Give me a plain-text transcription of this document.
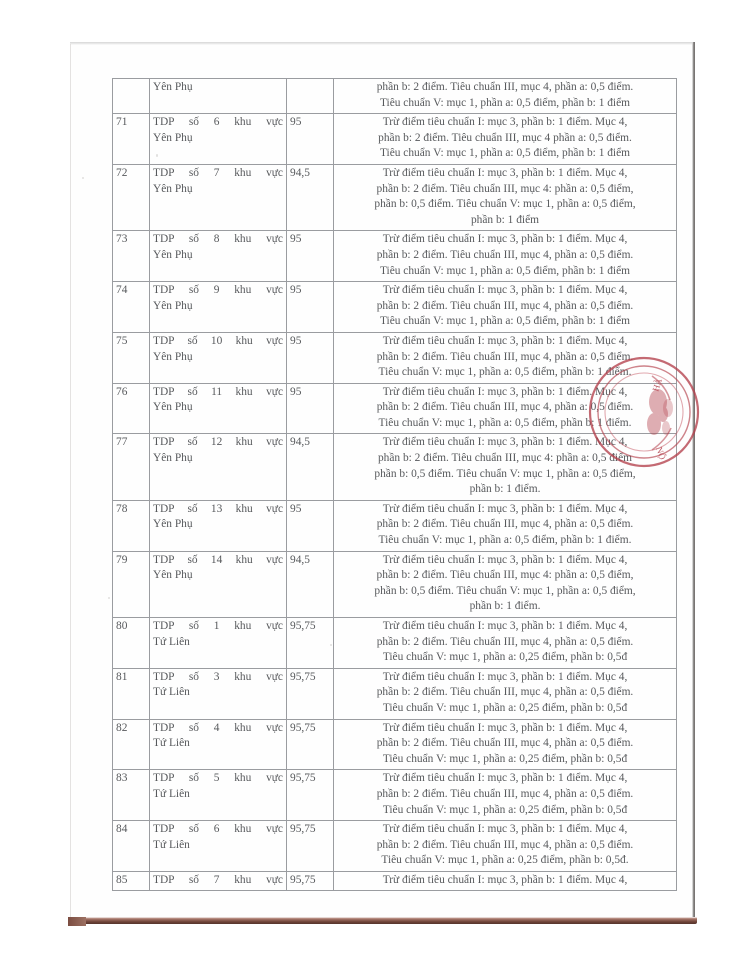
	Yên Phụ		phần b: 2 điểm. Tiêu chuẩn III, mục 4, phần a: 0,5 điểm.
Tiêu chuẩn V: mục 1, phần a: 0,5 điểm, phần b: 1 điểm

71	TDP số 6 khu vực
Yên Phụ	95	Trừ điểm tiêu chuẩn I: mục 3, phần b: 1 điểm. Mục 4,
phần b: 2 điểm. Tiêu chuẩn III, mục 4 phần a: 0,5 điểm.
Tiêu chuẩn V: mục 1, phần a: 0,5 điểm, phần b: 1 điểm

72	TDP số 7 khu vực
Yên Phụ	94,5	Trừ điểm tiêu chuẩn I: mục 3, phần b: 1 điểm. Mục 4,
phần b: 2 điểm. Tiêu chuẩn III, mục 4: phần a: 0,5 điểm,
phần b: 0,5 điểm. Tiêu chuẩn V: mục 1, phần a: 0,5 điểm,
phần b: 1 điểm

73	TDP số 8 khu vực
Yên Phụ	95	Trừ điểm tiêu chuẩn I: mục 3, phần b: 1 điểm. Mục 4,
phần b: 2 điểm. Tiêu chuẩn III, mục 4, phần a: 0,5 điểm.
Tiêu chuẩn V: mục 1, phần a: 0,5 điểm, phần b: 1 điểm

74	TDP số 9 khu vực
Yên Phụ	95	Trừ điểm tiêu chuẩn I: mục 3, phần b: 1 điểm. Mục 4,
phần b: 2 điểm. Tiêu chuẩn III, mục 4, phần a: 0,5 điểm.
Tiêu chuẩn V: mục 1, phần a: 0,5 điểm, phần b: 1 điểm

75	TDP số 10 khu vực
Yên Phụ	95	Trừ điểm tiêu chuẩn I: mục 3, phần b: 1 điểm. Mục 4,
phần b: 2 điểm. Tiêu chuẩn III, mục 4, phần a: 0,5 điểm.
Tiêu chuẩn V: mục 1, phần a: 0,5 điểm, phần b: 1 điểm.

76	TDP số 11 khu vực
Yên Phụ	95	Trừ điểm tiêu chuẩn I: mục 3, phần b: 1 điểm. Mục 4,
phần b: 2 điểm. Tiêu chuẩn III, mục 4, phần a: 0,5 điểm.
Tiêu chuẩn V: mục 1, phần a: 0,5 điểm, phần b: 1 điểm.

77	TDP số 12 khu vực
Yên Phụ	94,5	Trừ điểm tiêu chuẩn I: mục 3, phần b: 1 điểm. Mục 4,
phần b: 2 điểm. Tiêu chuẩn III, mục 4: phần a: 0,5 điểm
phần b: 0,5 điểm. Tiêu chuẩn V: mục 1, phần a: 0,5 điểm,
phần b: 1 điểm.

78	TDP số 13 khu vực
Yên Phụ	95	Trừ điểm tiêu chuẩn I: mục 3, phần b: 1 điểm. Mục 4,
phần b: 2 điểm. Tiêu chuẩn III, mục 4, phần a: 0,5 điểm.
Tiêu chuẩn V: mục 1, phần a: 0,5 điểm, phần b: 1 điểm.

79	TDP số 14 khu vực
Yên Phụ	94,5	Trừ điểm tiêu chuẩn I: mục 3, phần b: 1 điểm. Mục 4,
phần b: 2 điểm. Tiêu chuẩn III, mục 4: phần a: 0,5 điểm,
phần b: 0,5 điểm. Tiêu chuẩn V: mục 1, phần a: 0,5 điểm,
phần b: 1 điểm.

80	TDP số 1 khu vực
Tứ Liên	95,75	Trừ điểm tiêu chuẩn I: mục 3, phần b: 1 điểm. Mục 4,
phần b: 2 điểm. Tiêu chuẩn III, mục 4, phần a: 0,5 điểm.
Tiêu chuẩn V: mục 1, phần a: 0,25 điểm, phần b: 0,5đ

81	TDP số 3 khu vực
Tứ Liên	95,75	Trừ điểm tiêu chuẩn I: mục 3, phần b: 1 điểm. Mục 4,
phần b: 2 điểm. Tiêu chuẩn III, mục 4, phần a: 0,5 điểm.
Tiêu chuẩn V: mục 1, phần a: 0,25 điểm, phần b: 0,5đ

82	TDP số 4 khu vực
Tứ Liên	95,75	Trừ điểm tiêu chuẩn I: mục 3, phần b: 1 điểm. Mục 4,
phần b: 2 điểm. Tiêu chuẩn III, mục 4, phần a: 0,5 điểm.
Tiêu chuẩn V: mục 1, phần a: 0,25 điểm, phần b: 0,5đ

83	TDP số 5 khu vực
Tứ Liên	95,75	Trừ điểm tiêu chuẩn I: mục 3, phần b: 1 điểm. Mục 4,
phần b: 2 điểm. Tiêu chuẩn III, mục 4, phần a: 0,5 điểm.
Tiêu chuẩn V: mục 1, phần a: 0,25 điểm, phần b: 0,5đ

84	TDP số 6 khu vực
Tứ Liên	95,75	Trừ điểm tiêu chuẩn I: mục 3, phần b: 1 điểm. Mục 4,
phần b: 2 điểm. Tiêu chuẩn III, mục 4, phần a: 0,5 điểm.
Tiêu chuẩn V: mục 1, phần a: 0,25 điểm, phần b: 0,5đ.

85	TDP số 7 khu vực	95,75	Trừ điểm tiêu chuẩn I: mục 3, phần b: 1 điểm. Mục 4,
HÀ
NỘ
